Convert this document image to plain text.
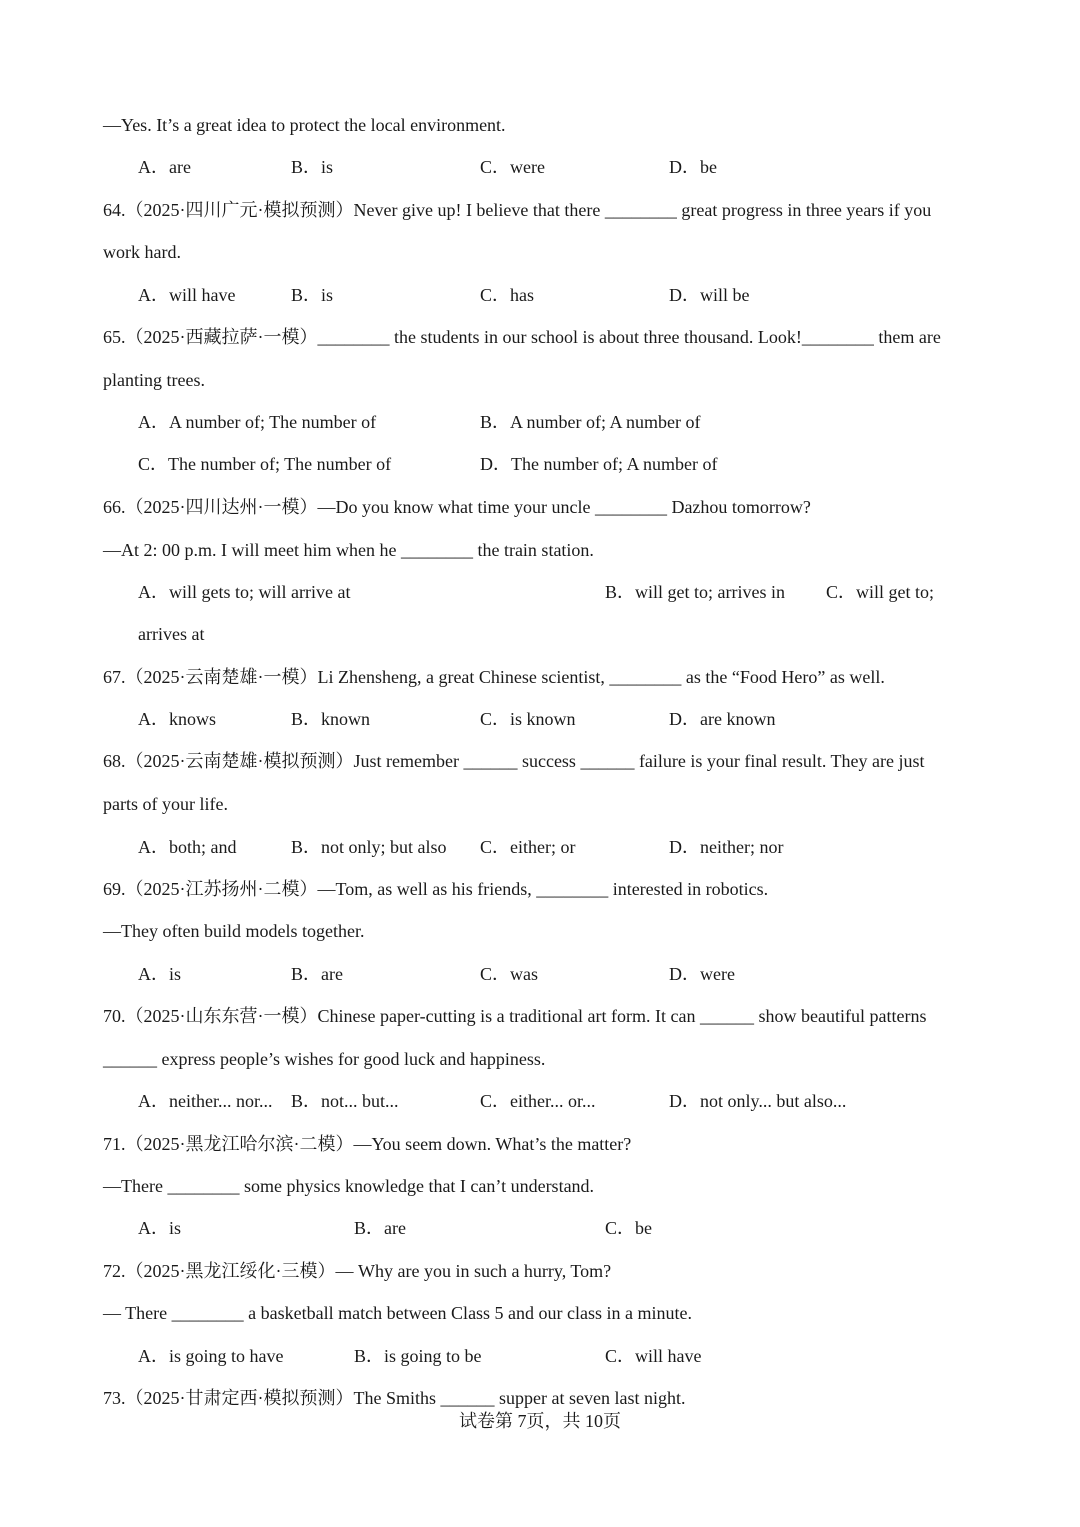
—Yes. It’s a great idea to protect the local environment.
A．are	B．is	C．were	D．be
64.（2025·四川广元·模拟预测）Never give up! I believe that there ________ great progress in three years if you
work hard.
A．will have	B．is	C．has	D．will be
65.（2025·西藏拉萨·一模）________ the students in our school is about three thousand. Look!________ them are
planting trees.
A．A number of; The number of	B．A number of; A number of
C．The number of; The number of	D．The number of; A number of
66.（2025·四川达州·一模）—Do you know what time your uncle ________ Dazhou tomorrow?
—At 2: 00 p.m. I will meet him when he ________ the train station.
A．will gets to; will arrive at	B．will get to; arrives in C．will get to;
arrives at
67.（2025·云南楚雄·一模）Li Zhensheng, a great Chinese scientist, ________ as the “Food Hero” as well.
A．knows	B．known	C．is known	D．are known
68.（2025·云南楚雄·模拟预测）Just remember ______ success ______ failure is your final result. They are just
parts of your life.
A．both; and	B．not only; but also C．either; or	D．neither; nor
69.（2025·江苏扬州·二模）—Tom, as well as his friends, ________ interested in robotics.
—They often build models together.
A．is	B．are	C．was	D．were
70.（2025·山东东营·一模）Chinese paper-cutting is a traditional art form. It can ______ show beautiful patterns
______ express people’s wishes for good luck and happiness.
A．neither... nor... B．not... but...	C．either... or...	D．not only... but also...
71.（2025·黑龙江哈尔滨·二模）—You seem down. What’s the matter?
—There ________ some physics knowledge that I can’t understand.
A．is	B．are	C．be
72.（2025·黑龙江绥化·三模）— Why are you in such a hurry, Tom?
— There ________ a basketball match between Class 5 and our class in a minute.
A．is going to have	B．is going to be	C．will have
73.（2025·甘肃定西·模拟预测）The Smiths ______ supper at seven last night.
试卷第 7页，共 10页
